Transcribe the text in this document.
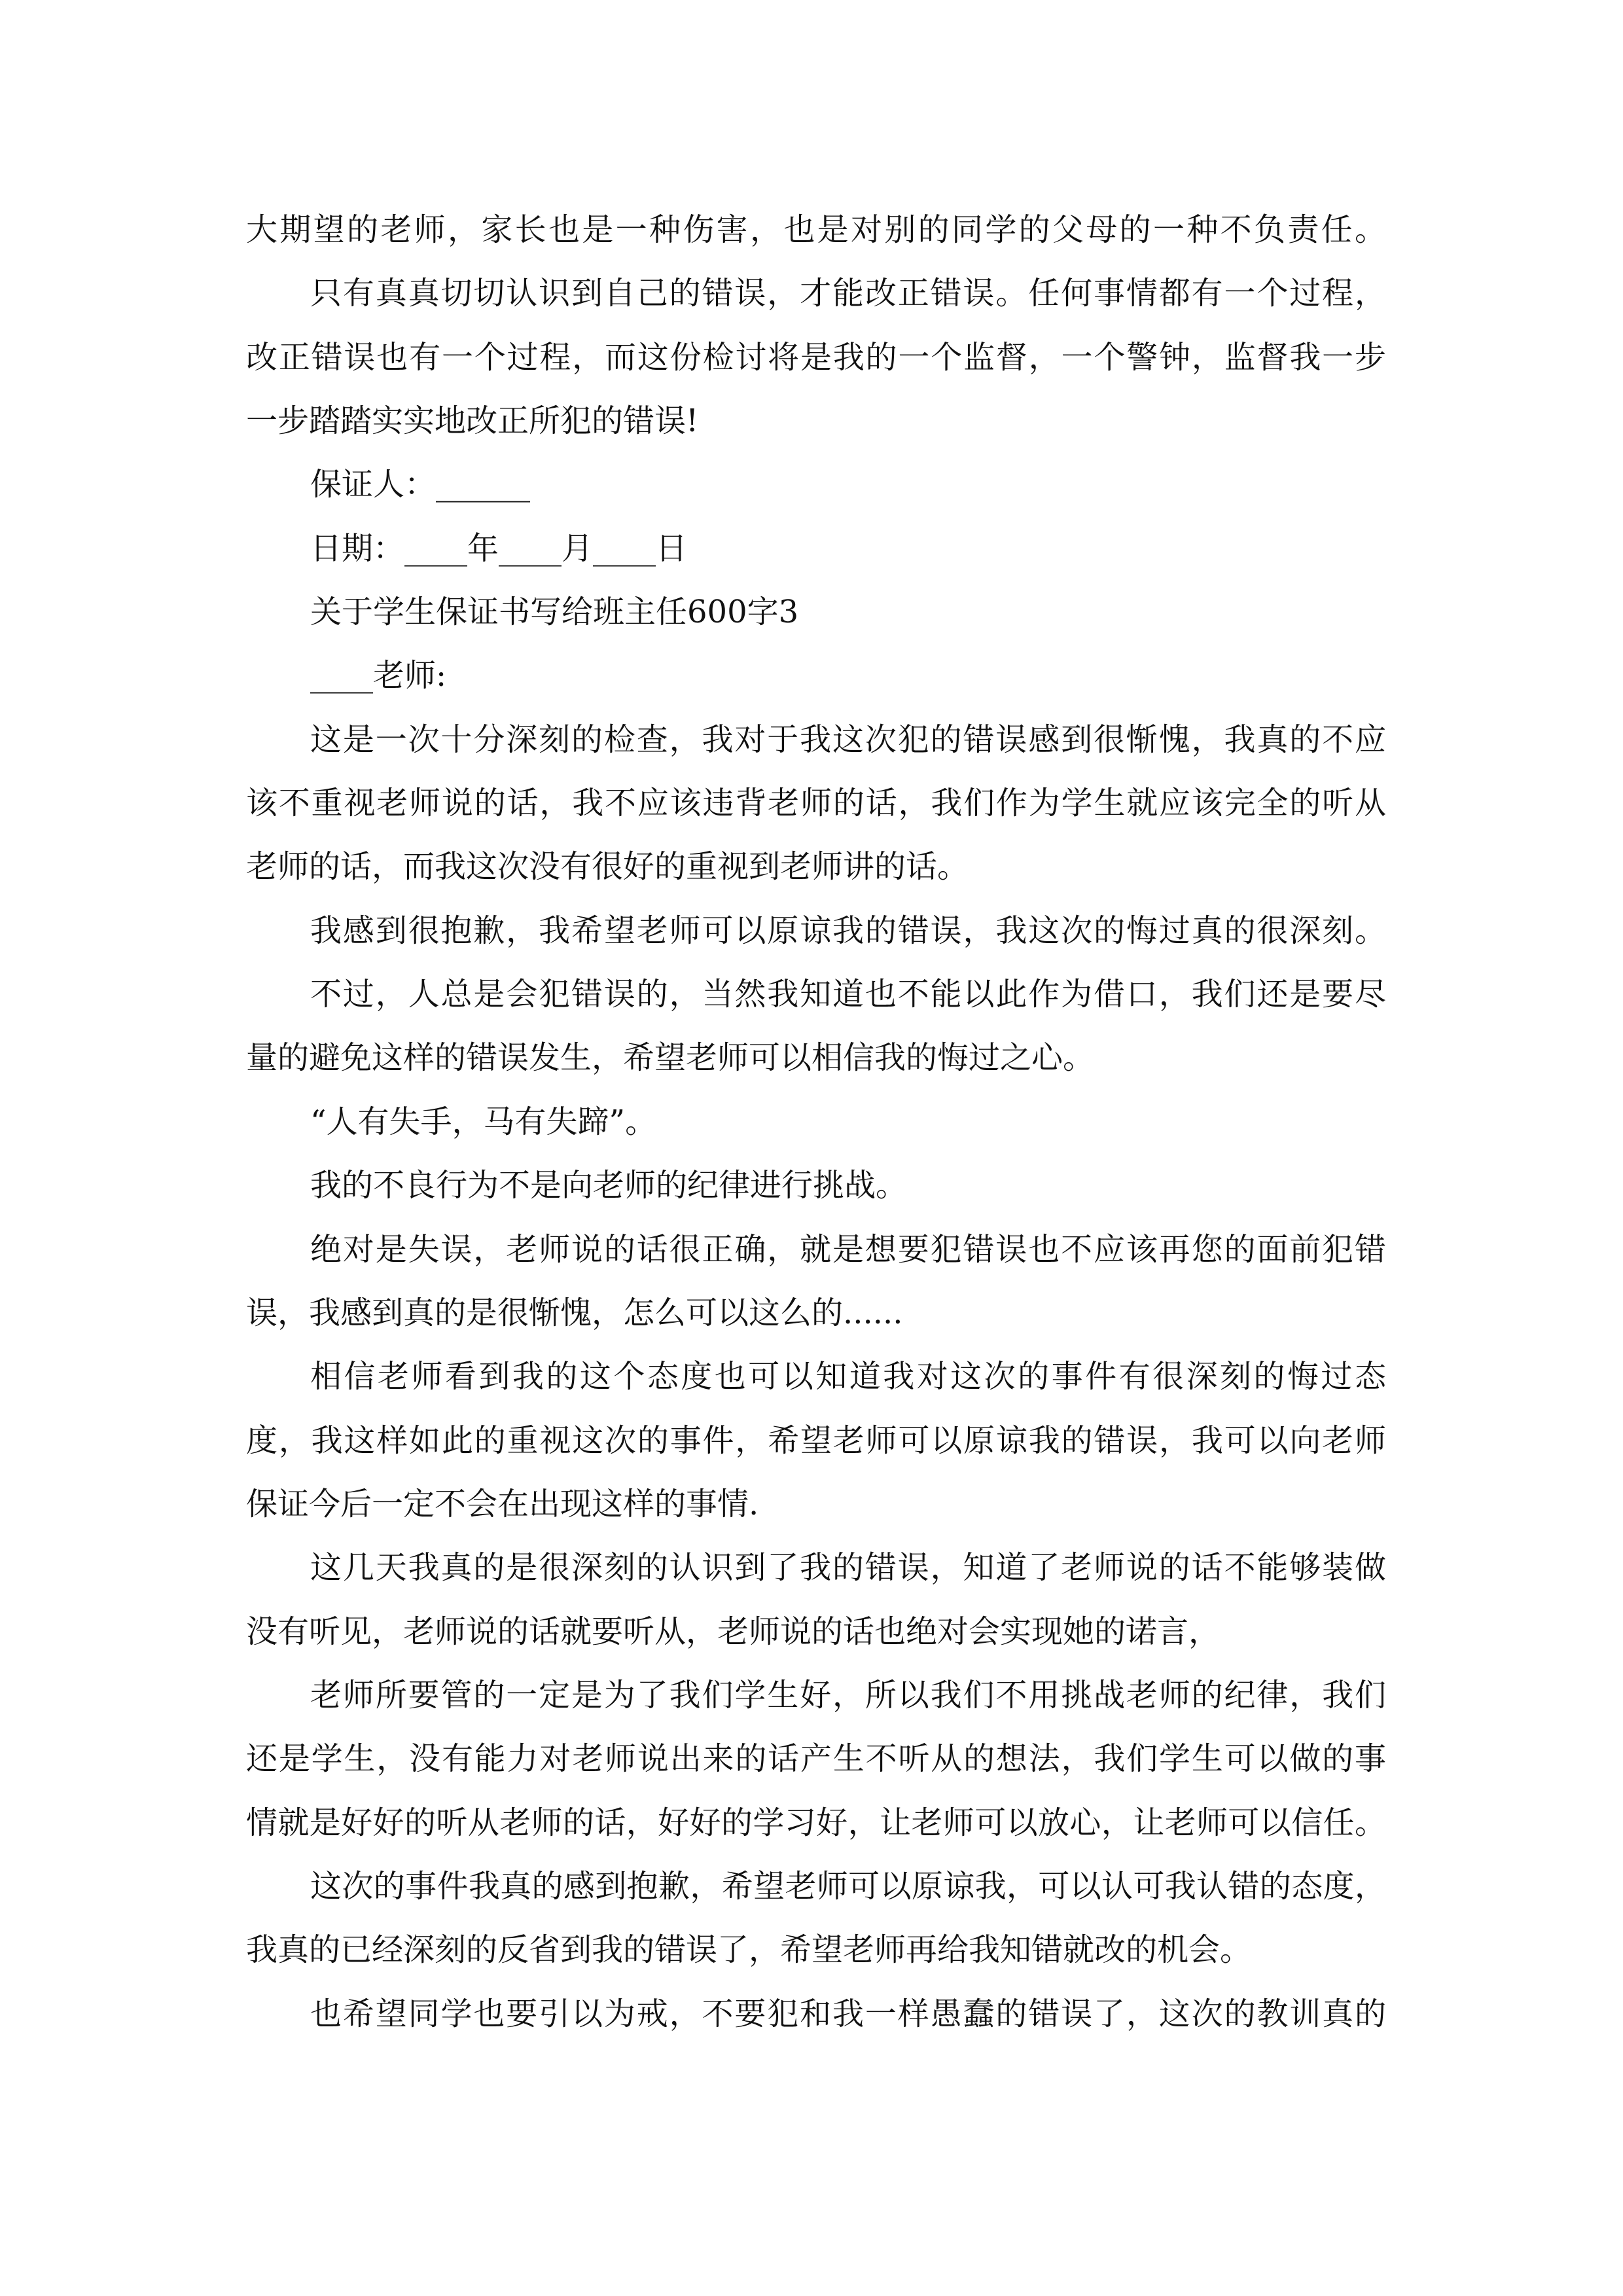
大期望的老师，家长也是一种伤害，也是对别的同学的父母的一种不负责任。
只有真真切切认识到自己的错误，才能改正错误。任何事情都有一个过程，
改正错误也有一个过程，而这份检讨将是我的一个监督，一个警钟，监督我一步
一步踏踏实实地改正所犯的错误!
保证人：______
日期：____年____月____日
关于学生保证书写给班主任600字3
____老师:
这是一次十分深刻的检查，我对于我这次犯的错误感到很惭愧，我真的不应
该不重视老师说的话，我不应该违背老师的话，我们作为学生就应该完全的听从
老师的话，而我这次没有很好的重视到老师讲的话。
我感到很抱歉，我希望老师可以原谅我的错误，我这次的悔过真的很深刻。
不过，人总是会犯错误的，当然我知道也不能以此作为借口，我们还是要尽
量的避免这样的错误发生，希望老师可以相信我的悔过之心。
“人有失手，马有失蹄”。
我的不良行为不是向老师的纪律进行挑战。
绝对是失误，老师说的话很正确，就是想要犯错误也不应该再您的面前犯错
误，我感到真的是很惭愧，怎么可以这么的......
相信老师看到我的这个态度也可以知道我对这次的事件有很深刻的悔过态
度，我这样如此的重视这次的事件，希望老师可以原谅我的错误，我可以向老师
保证今后一定不会在出现这样的事情.
这几天我真的是很深刻的认识到了我的错误，知道了老师说的话不能够装做
没有听见，老师说的话就要听从，老师说的话也绝对会实现她的诺言，
老师所要管的一定是为了我们学生好，所以我们不用挑战老师的纪律，我们
还是学生，没有能力对老师说出来的话产生不听从的想法，我们学生可以做的事
情就是好好的听从老师的话，好好的学习好，让老师可以放心，让老师可以信任。
这次的事件我真的感到抱歉，希望老师可以原谅我，可以认可我认错的态度，
我真的已经深刻的反省到我的错误了，希望老师再给我知错就改的机会。
也希望同学也要引以为戒，不要犯和我一样愚蠢的错误了，这次的教训真的
